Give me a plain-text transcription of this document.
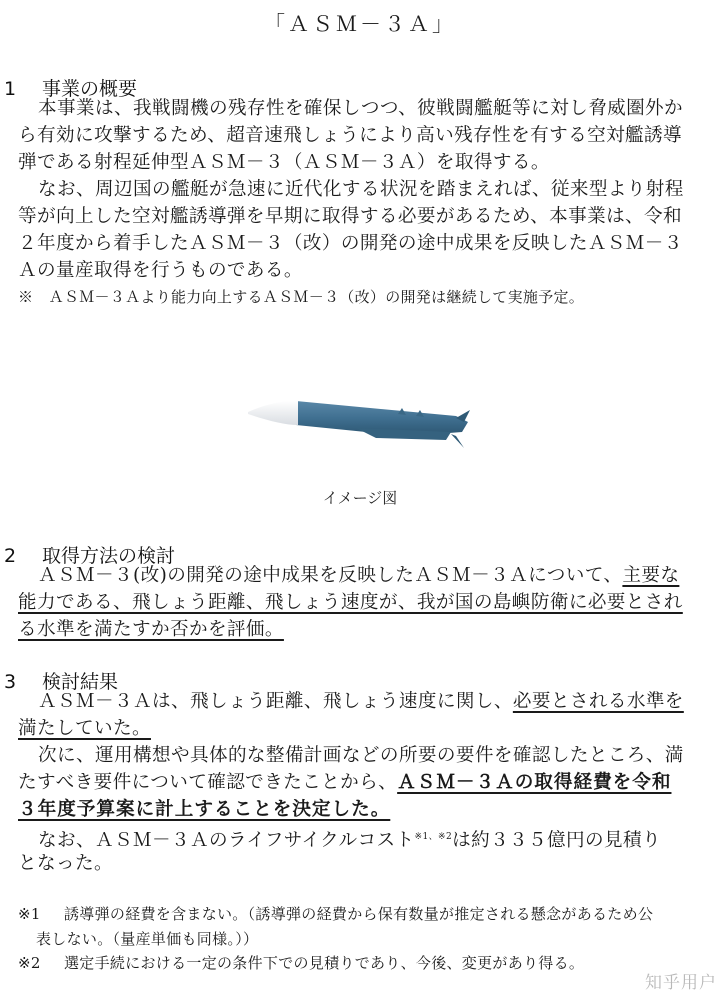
「ＡＳＭ－３Ａ」
1 事業の概要
本事業は、我戦闘機の残存性を確保しつつ、彼戦闘艦艇等に対し脅威圏外か
ら有効に攻撃するため、超音速飛しょうにより高い残存性を有する空対艦誘導
弾である射程延伸型ＡＳＭ－３（ＡＳＭ－３Ａ）を取得する。
なお、周辺国の艦艇が急速に近代化する状況を踏まえれば、従来型より射程
等が向上した空対艦誘導弾を早期に取得する必要があるため、本事業は、令和
２年度から着手したＡＳＭ－３（改）の開発の途中成果を反映したＡＳＭ－３
Ａの量産取得を行うものである。
※　ＡＳＭ－３Ａより能力向上するＡＳＭ－３（改）の開発は継続して実施予定。
イメージ図
2 取得方法の検討
ＡＳＭ－３(改)の開発の途中成果を反映したＡＳＭ－３Ａについて、主要な
能力である、飛しょう距離、飛しょう速度が、我が国の島嶼防衛に必要とされ
る水準を満たすか否かを評価。
3 検討結果
ＡＳＭ－３Ａは、飛しょう距離、飛しょう速度に関し、必要とされる水準を
満たしていた。
次に、運用構想や具体的な整備計画などの所要の要件を確認したところ、満
たすべき要件について確認できたことから、ＡＳＭ－３Ａの取得経費を令和
３年度予算案に計上することを決定した。
なお、ＡＳＭ－３Ａのライフサイクルコスト$^{※1、※2}$は約３３５億円の見積り
となった。
※1 誘導弾の経費を含まない。（誘導弾の経費から保有数量が推定される懸念があるため公
表しない。（量産単価も同様。））
※2 選定手続における一定の条件下での見積りであり、今後、変更があり得る。
知乎用户
